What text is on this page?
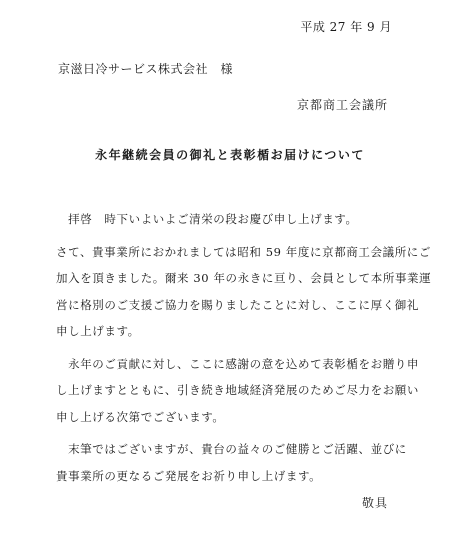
平成 27 年 9 月
京滋日冷サービス株式会社　様
京都商工会議所
永年継続会員の御礼と表彰楯お届けについて
　拝啓　時下いよいよご清栄の段お慶び申し上げます。
さて、貴事業所におかれましては昭和 59 年度に京都商工会議所にご
加入を頂きました。爾来 30 年の永きに亘り、会員として本所事業運
営に格別のご支援ご協力を賜りましたことに対し、ここに厚く御礼
申し上げます。
　永年のご貢献に対し、ここに感謝の意を込めて表彰楯をお贈り申
し上げますとともに、引き続き地域経済発展のためご尽力をお願い
申し上げる次第でございます。
　末筆ではございますが、貴台の益々のご健勝とご活躍、並びに
貴事業所の更なるご発展をお祈り申し上げます。
敬具
